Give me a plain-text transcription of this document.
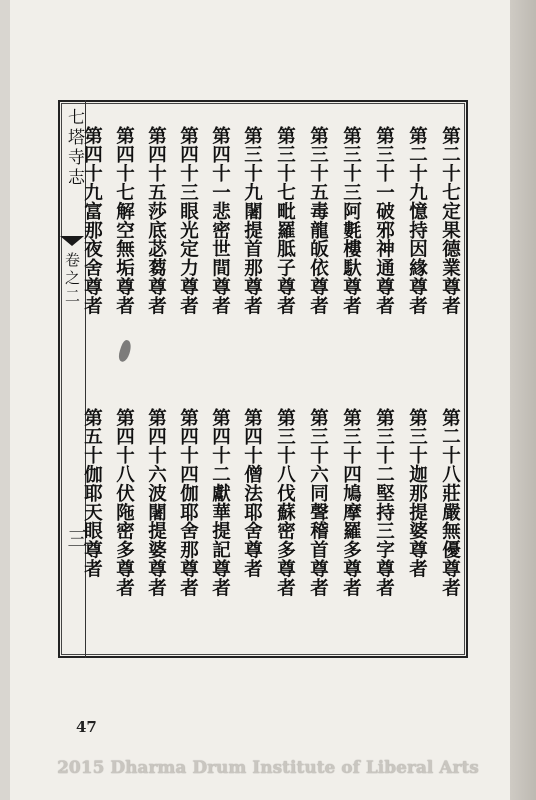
七塔寺志
卷之二
三
第二十七定果德業尊者
第二十九憶持因緣尊者
第三十一破邪神通尊者
第三十三阿氀樓馱尊者
第三十五毒龍皈依尊者
第三十七毗羅胝子尊者
第三十九闍提首那尊者
第四十一悲密世間尊者
第四十三眼光定力尊者
第四十五莎底苾蒭尊者
第四十七解空無垢尊者
第四十九富那夜舍尊者
第二十八莊嚴無優尊者
第三十迦那提婆尊者
第三十二堅持三字尊者
第三十四鳩摩羅多尊者
第三十六同聲稽首尊者
第三十八伐蘇密多尊者
第四十僧法耶舍尊者
第四十二獻華提記尊者
第四十四伽耶舍那尊者
第四十六波闍提婆尊者
第四十八伏陁密多尊者
第五十伽耶天眼尊者
47
2015 Dharma Drum Institute of Liberal Arts
